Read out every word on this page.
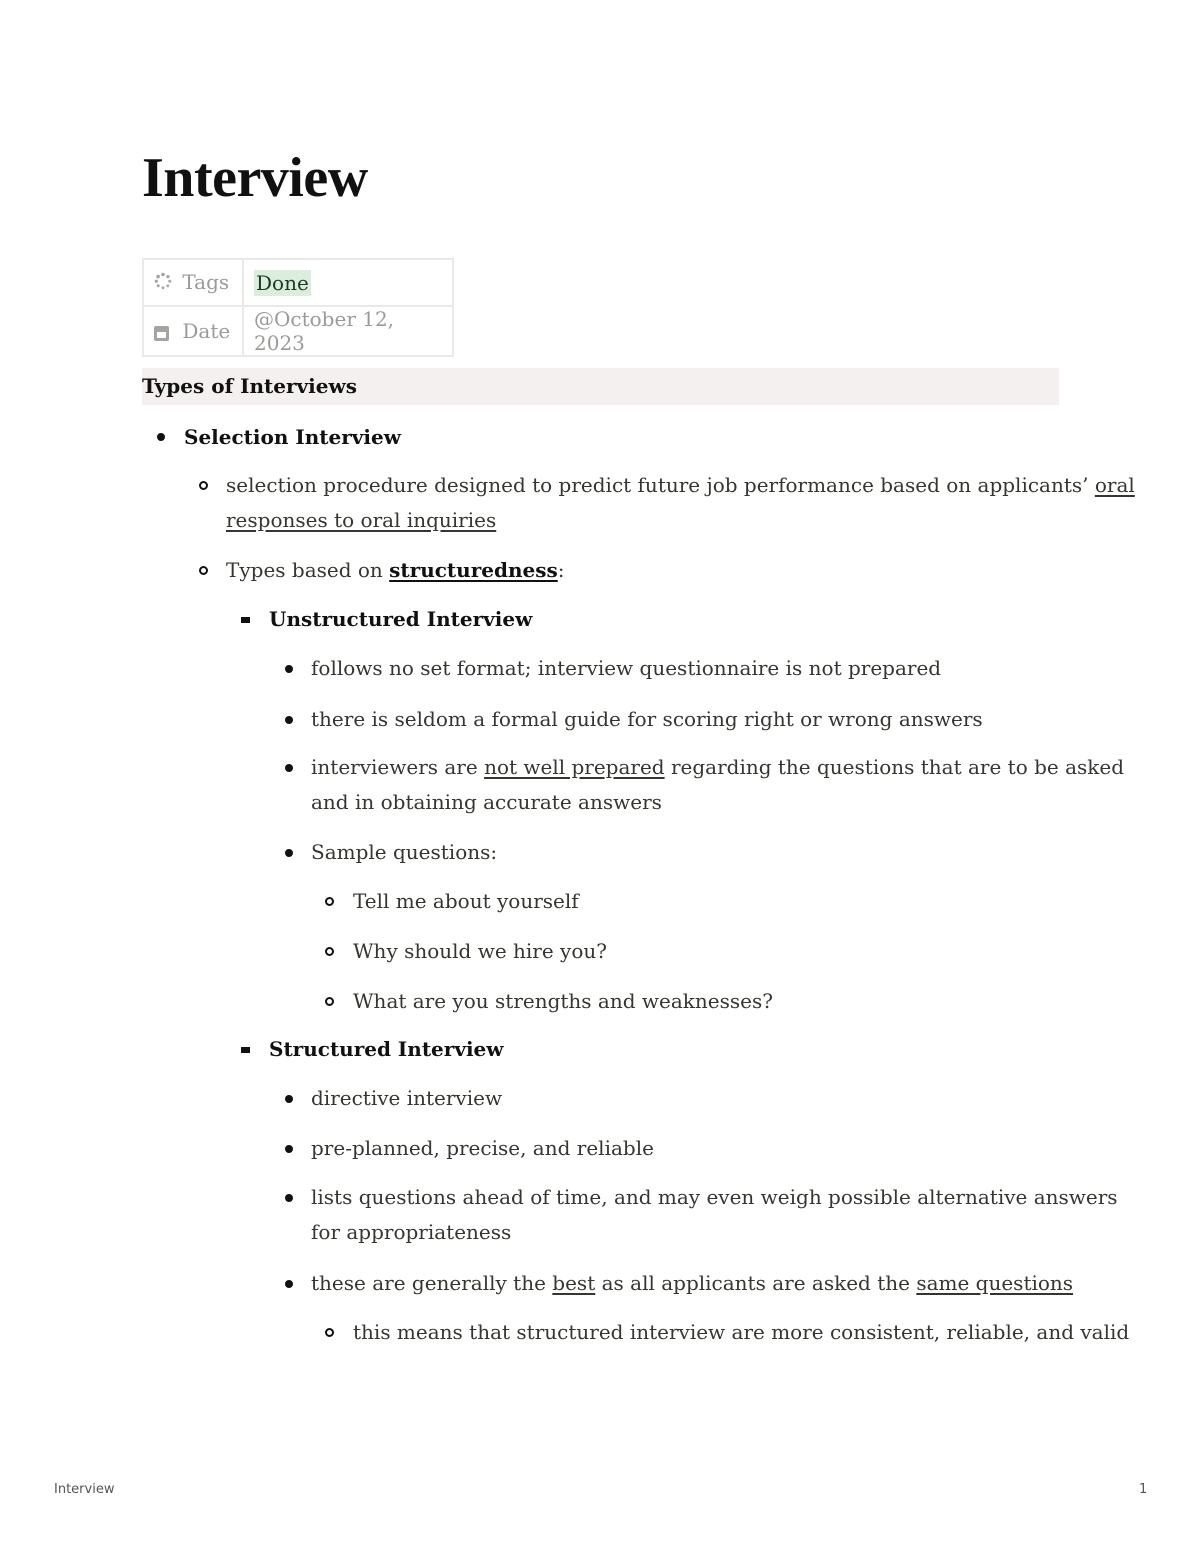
Interview
Tags	Done
Date	@October 12, 2023
Types of Interviews
Selection Interview
selection procedure designed to predict future job performance based on applicants’ oral
responses to oral inquiries
Types based on structuredness:
Unstructured Interview
follows no set format; interview questionnaire is not prepared
there is seldom a formal guide for scoring right or wrong answers
interviewers are not well prepared regarding the questions that are to be asked
and in obtaining accurate answers
Sample questions:
Tell me about yourself
Why should we hire you?
What are you strengths and weaknesses?
Structured Interview
directive interview
pre-planned, precise, and reliable
lists questions ahead of time, and may even weigh possible alternative answers
for appropriateness
these are generally the best as all applicants are asked the same questions
this means that structured interview are more consistent, reliable, and valid
Interview	1
